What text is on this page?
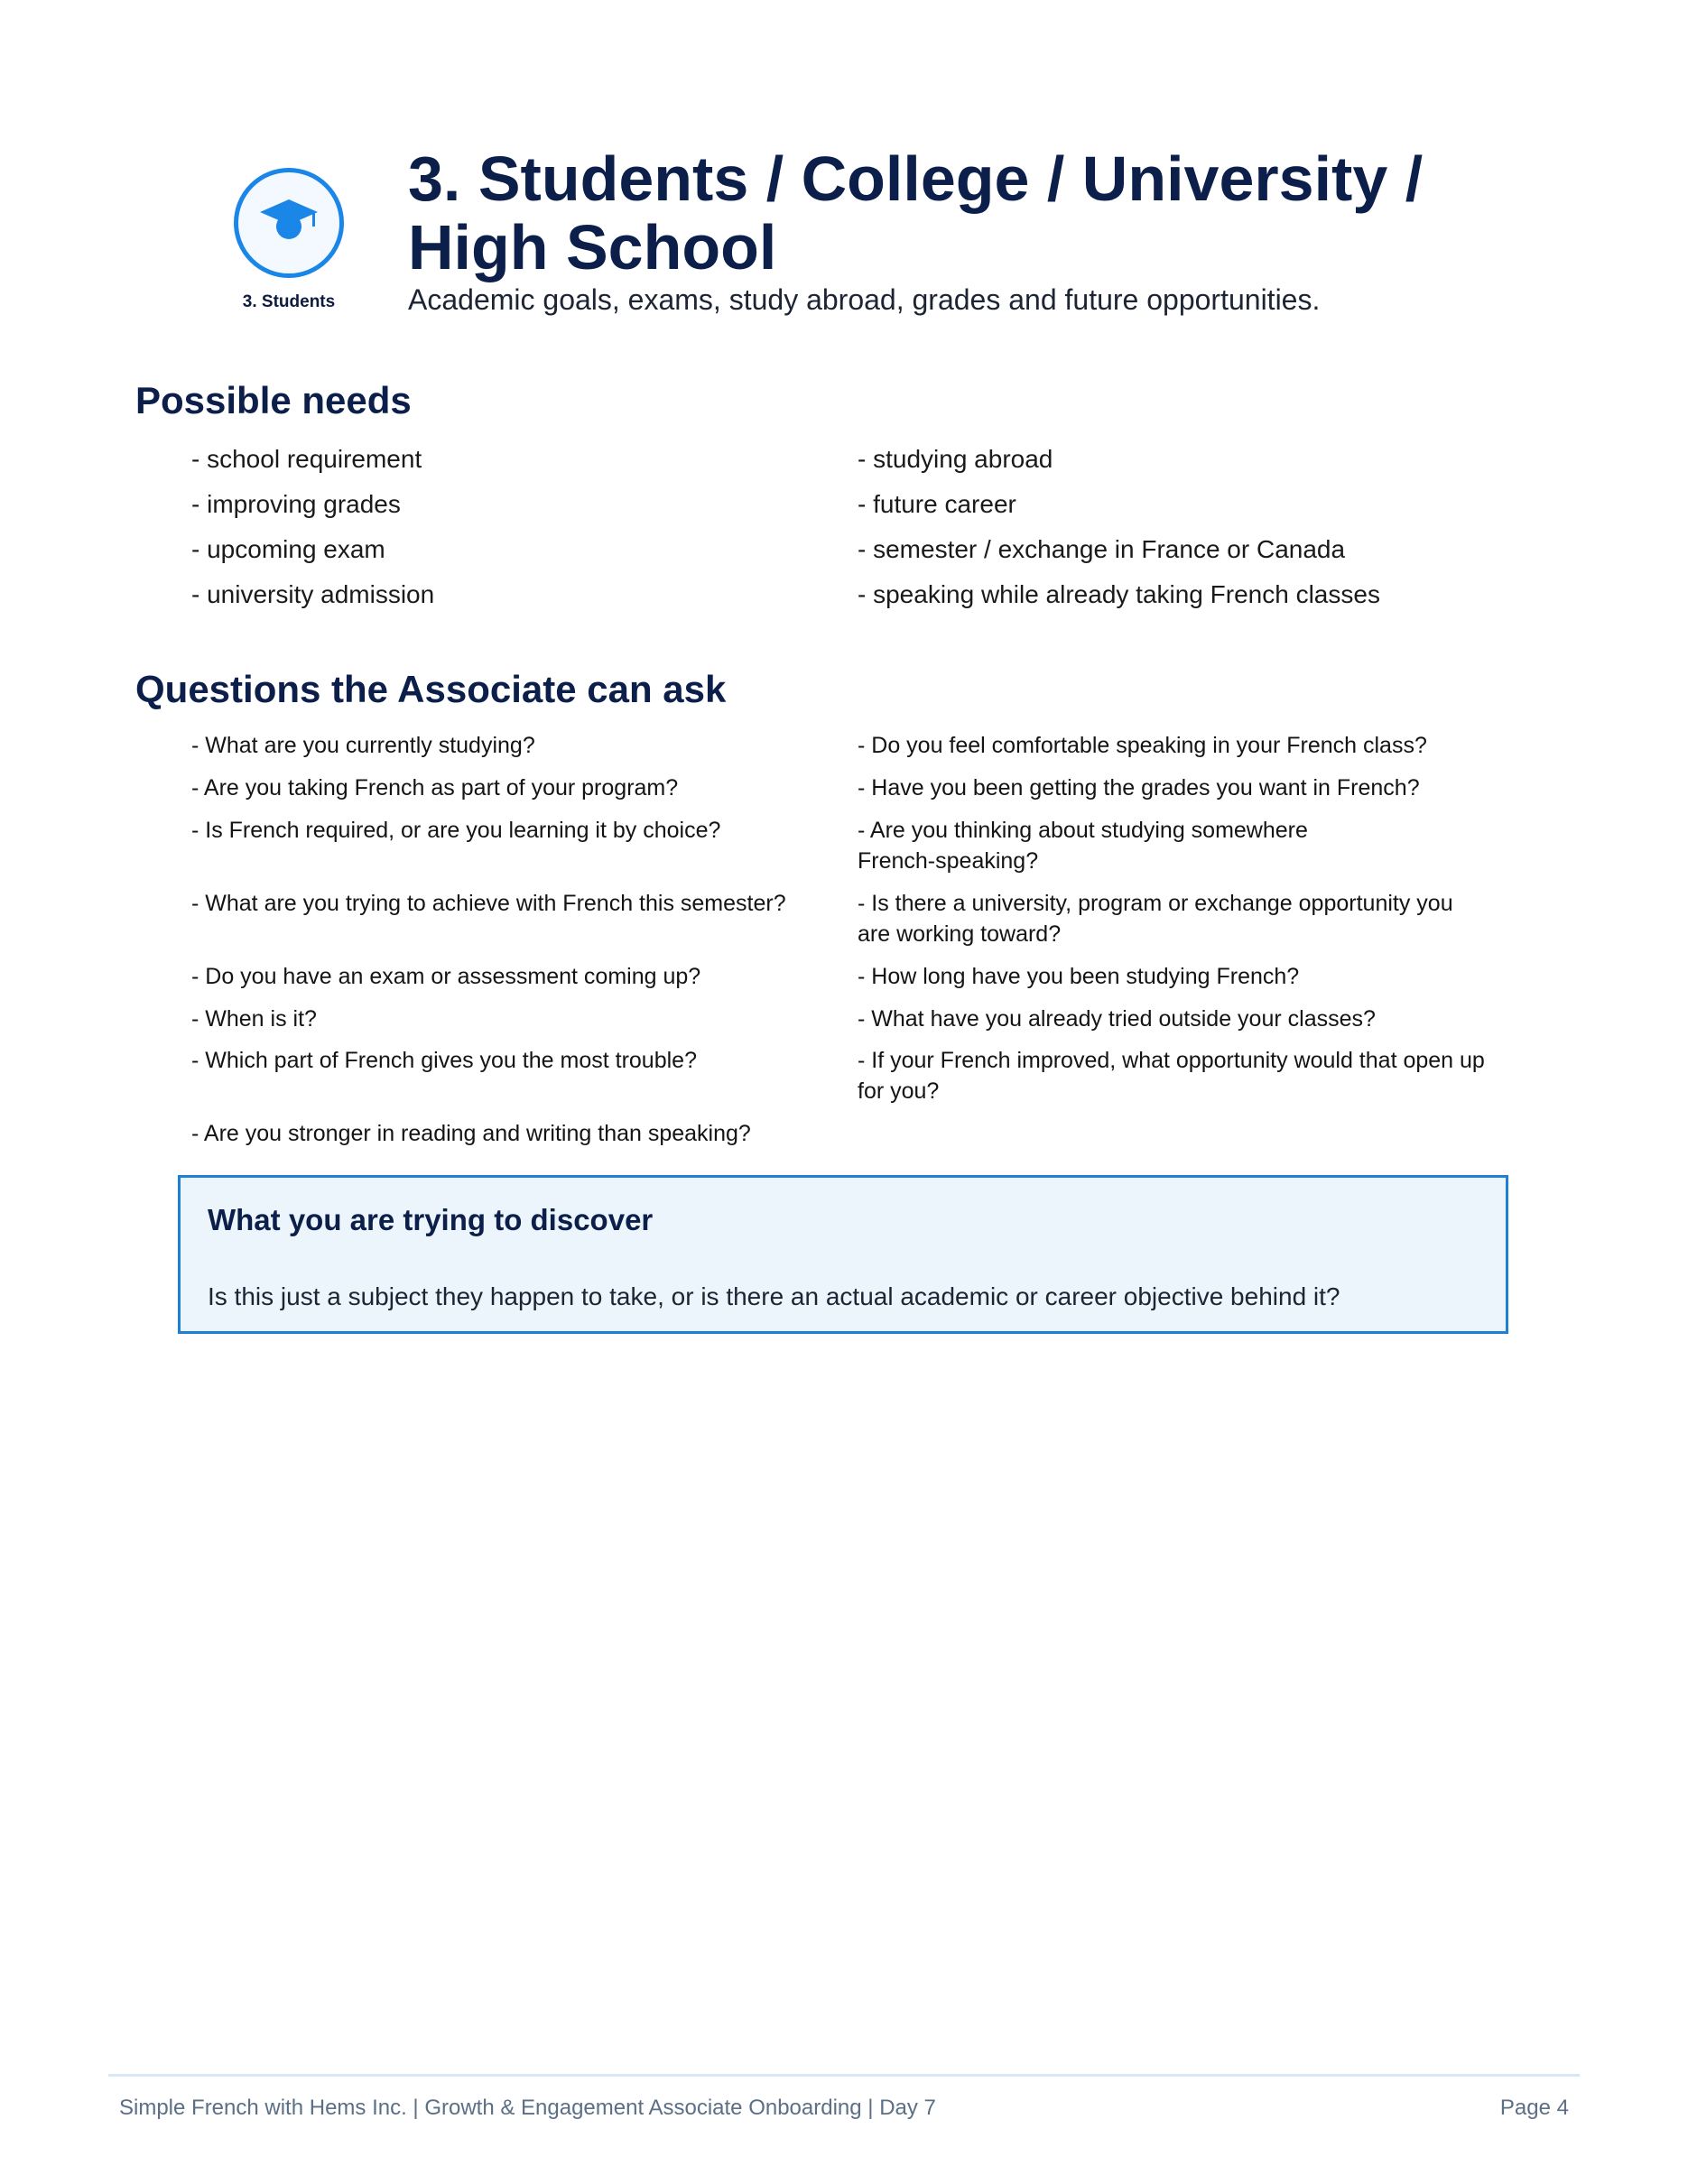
3. Students
3. Students / College / University / High School

Academic goals, exams, study abroad, grades and future opportunities.

Possible needs
- school requirement
- improving grades
- upcoming exam
- university admission
- studying abroad
- future career
- semester / exchange in France or Canada
- speaking while already taking French classes
Questions the Associate can ask
- What are you currently studying?
- Are you taking French as part of your program?
- Is French required, or are you learning it by choice?
- What are you trying to achieve with French this semester?
- Do you have an exam or assessment coming up?
- When is it?
- Which part of French gives you the most trouble?
- Are you stronger in reading and writing than speaking?
- Do you feel comfortable speaking in your French class?
- Have you been getting the grades you want in French?
- Are you thinking about studying somewhere French-speaking?
- Is there a university, program or exchange opportunity you are working toward?
- How long have you been studying French?
- What have you already tried outside your classes?
- If your French improved, what opportunity would that open up for you?
What you are trying to discover

Is this just a subject they happen to take, or is there an actual academic or career objective behind it?

Simple French with Hems Inc. | Growth & Engagement Associate Onboarding | Day 7	Page 4
